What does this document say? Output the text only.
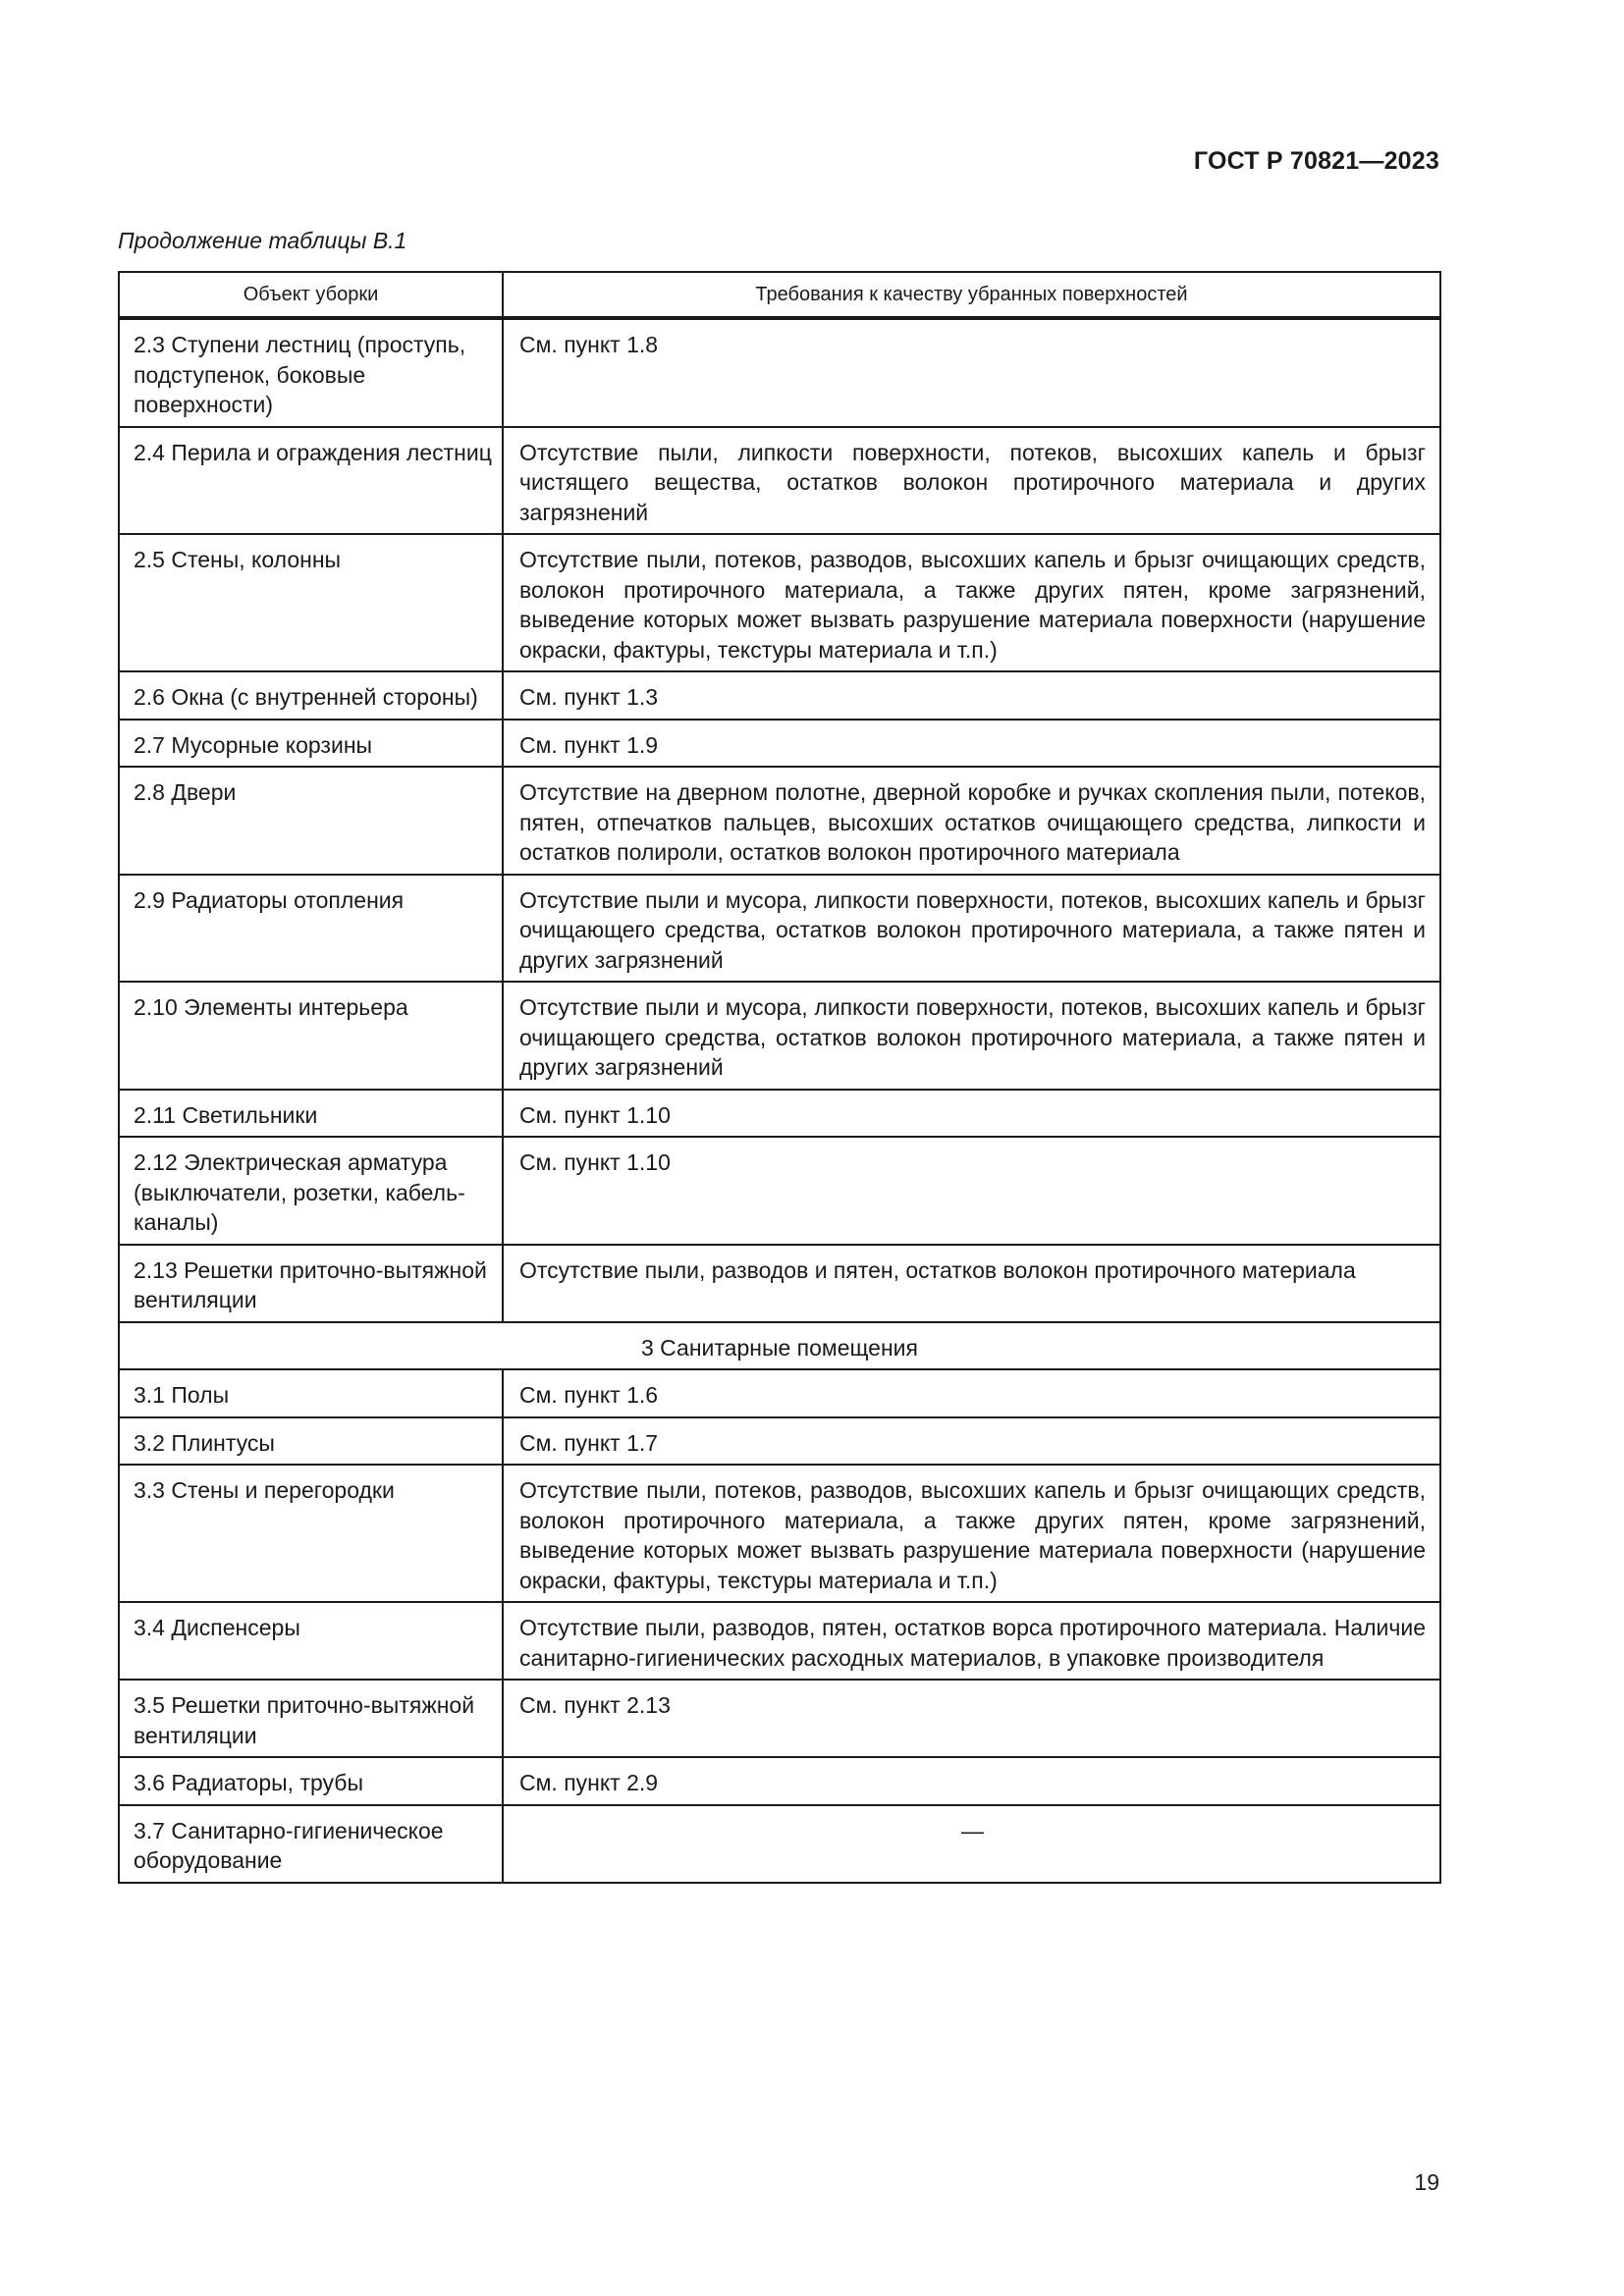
ГОСТ Р 70821—2023
Продолжение таблицы В.1
Объект уборки	Требования к качеству убранных поверхностей
2.3 Ступени лестниц (проступь, подступенок, боковые поверхности)	См. пункт 1.8
2.4 Перила и ограждения лестниц	Отсутствие пыли, липкости поверхности, потеков, высохших капель и брызг чистящего вещества, остатков волокон протирочного материала и других загрязнений
2.5 Стены, колонны	Отсутствие пыли, потеков, разводов, высохших капель и брызг очищающих средств, волокон протирочного материала, а также других пятен, кроме загрязнений, выведение которых может вызвать разрушение материала поверхности (нарушение окраски, фактуры, текстуры материала и т.п.)
2.6 Окна (с внутренней стороны)	См. пункт 1.3
2.7 Мусорные корзины	См. пункт 1.9
2.8 Двери	Отсутствие на дверном полотне, дверной коробке и ручках скопления пыли, потеков, пятен, отпечатков пальцев, высохших остатков очищающего средства, липкости и остатков полироли, остатков волокон протирочного материала
2.9 Радиаторы отопления	Отсутствие пыли и мусора, липкости поверхности, потеков, высохших капель и брызг очищающего средства, остатков волокон протирочного материала, а также пятен и других загрязнений
2.10 Элементы интерьера	Отсутствие пыли и мусора, липкости поверхности, потеков, высохших капель и брызг очищающего средства, остатков волокон протирочного материала, а также пятен и других загрязнений
2.11 Светильники	См. пункт 1.10
2.12 Электрическая арматура (выключатели, розетки, кабель-каналы)	См. пункт 1.10
2.13 Решетки приточно-вытяжной вентиляции	Отсутствие пыли, разводов и пятен, остатков волокон протирочного материала
3 Санитарные помещения	
3.1 Полы	См. пункт 1.6
3.2 Плинтусы	См. пункт 1.7
3.3 Стены и перегородки	Отсутствие пыли, потеков, разводов, высохших капель и брызг очищающих средств, волокон протирочного материала, а также других пятен, кроме загрязнений, выведение которых может вызвать разрушение материала поверхности (нарушение окраски, фактуры, текстуры материала и т.п.)
3.4 Диспенсеры	Отсутствие пыли, разводов, пятен, остатков ворса протирочного материала. Наличие санитарно-гигиенических расходных материалов, в упаковке производителя
3.5 Решетки приточно-вытяжной вентиляции	См. пункт 2.13
3.6 Радиаторы, трубы	См. пункт 2.9
3.7 Санитарно-гигиеническое оборудование	—
19
